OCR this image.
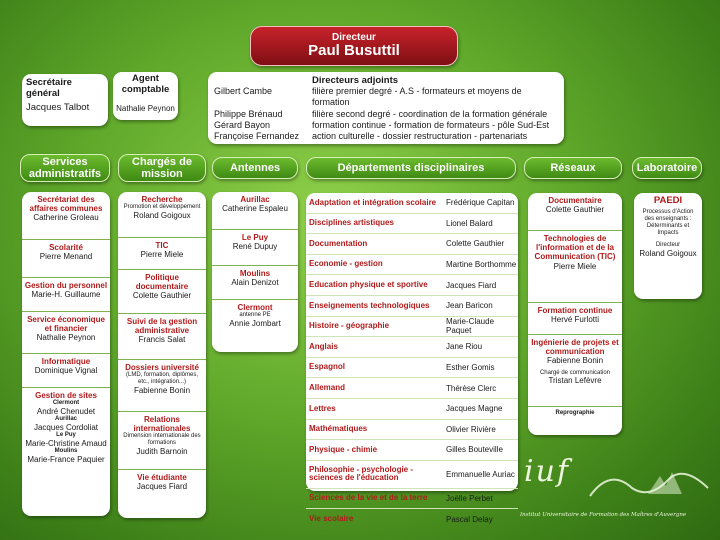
Directeur
Paul Busuttil
Secrétaire général
Jacques Talbot
Agent comptable
Nathalie Peynon
Directeurs adjoints
Gilbert Cambe	filière premier degré - A.S - formateurs et moyens de formation
Philippe Brénaud	filière second degré - coordination de la formation générale
Gérard Bayon	formation continue - formation de formateurs - pôle Sud-Est
Françoise Fernandez	action culturelle - dossier restructuration - partenariats
Services administratifs
Chargés de mission
Antennes	Départements disciplinaires	Réseaux	Laboratoire
Secrétariat des affaires communes
Catherine Groleau
Scolarité
Pierre Menand
Gestion du personnel
Marie-H. Guillaume
Service économique et financier
Nathalie Peynon
Informatique
Dominique Vignal
Gestion de sites
Clermont
André Chenudet
Aurillac
Jacques Cordoliat
Le Puy
Marie-Christine Amaud
Moulins
Marie-France Paquier
Recherche
Promotion et développement
Roland Goigoux
TIC
Pierre Miele
Politique documentaire
Colette Gauthier
Suivi de la gestion administrative
Francis Salat
Dossiers université
(LMD, formation, diplômes, etc., intégration...)
Fabienne Bonin
Relations internationales
Dimension internationale des formations
Judith Barnoin
Vie étudiante
Jacques Fiard
Aurillac
Catherine Espaleu
Le Puy
René Dupuy
Moulins
Alain Denizot
Clermont
antenne PE
Annie Jombart
Adaptation et intégration scolaire	Frédérique Capitan
Disciplines artistiques	Lionel Balard
Documentation	Colette Gauthier
Economie - gestion	Martine Borthomme
Education physique et sportive	Jacques Fiard
Enseignements technologiques	Jean Baricon
Histoire - géographie	Marie-Claude Paquet
Anglais	Jane Riou
Espagnol	Esther Gomis
Allemand	Thérèse Clerc
Lettres	Jacques Magne
Mathématiques	Olivier Rivière
Physique - chimie	Gilles Bouteville
Philosophie - psychologie - sciences de l'éducation	Emmanuelle Auriac
Sciences de la vie et de la terre	Joëlle Perbet
Vie scolaire	Pascal Delay
Documentaire
Colette Gauthier
Technologies de l'information et de la Communication (TIC)
Pierre Miele
Formation continue
Hervé Furlotti
Ingénierie de projets et communication
Fabienne Bonin
Chargé de communication
Tristan Lefèvre
Reprographie
PAEDI
Processus d'Action des enseignants : Déterminants et Impacts
Directeur
Roland Goigoux
iuf
Institut Universitaire de Formation des Maîtres d'Auvergne
